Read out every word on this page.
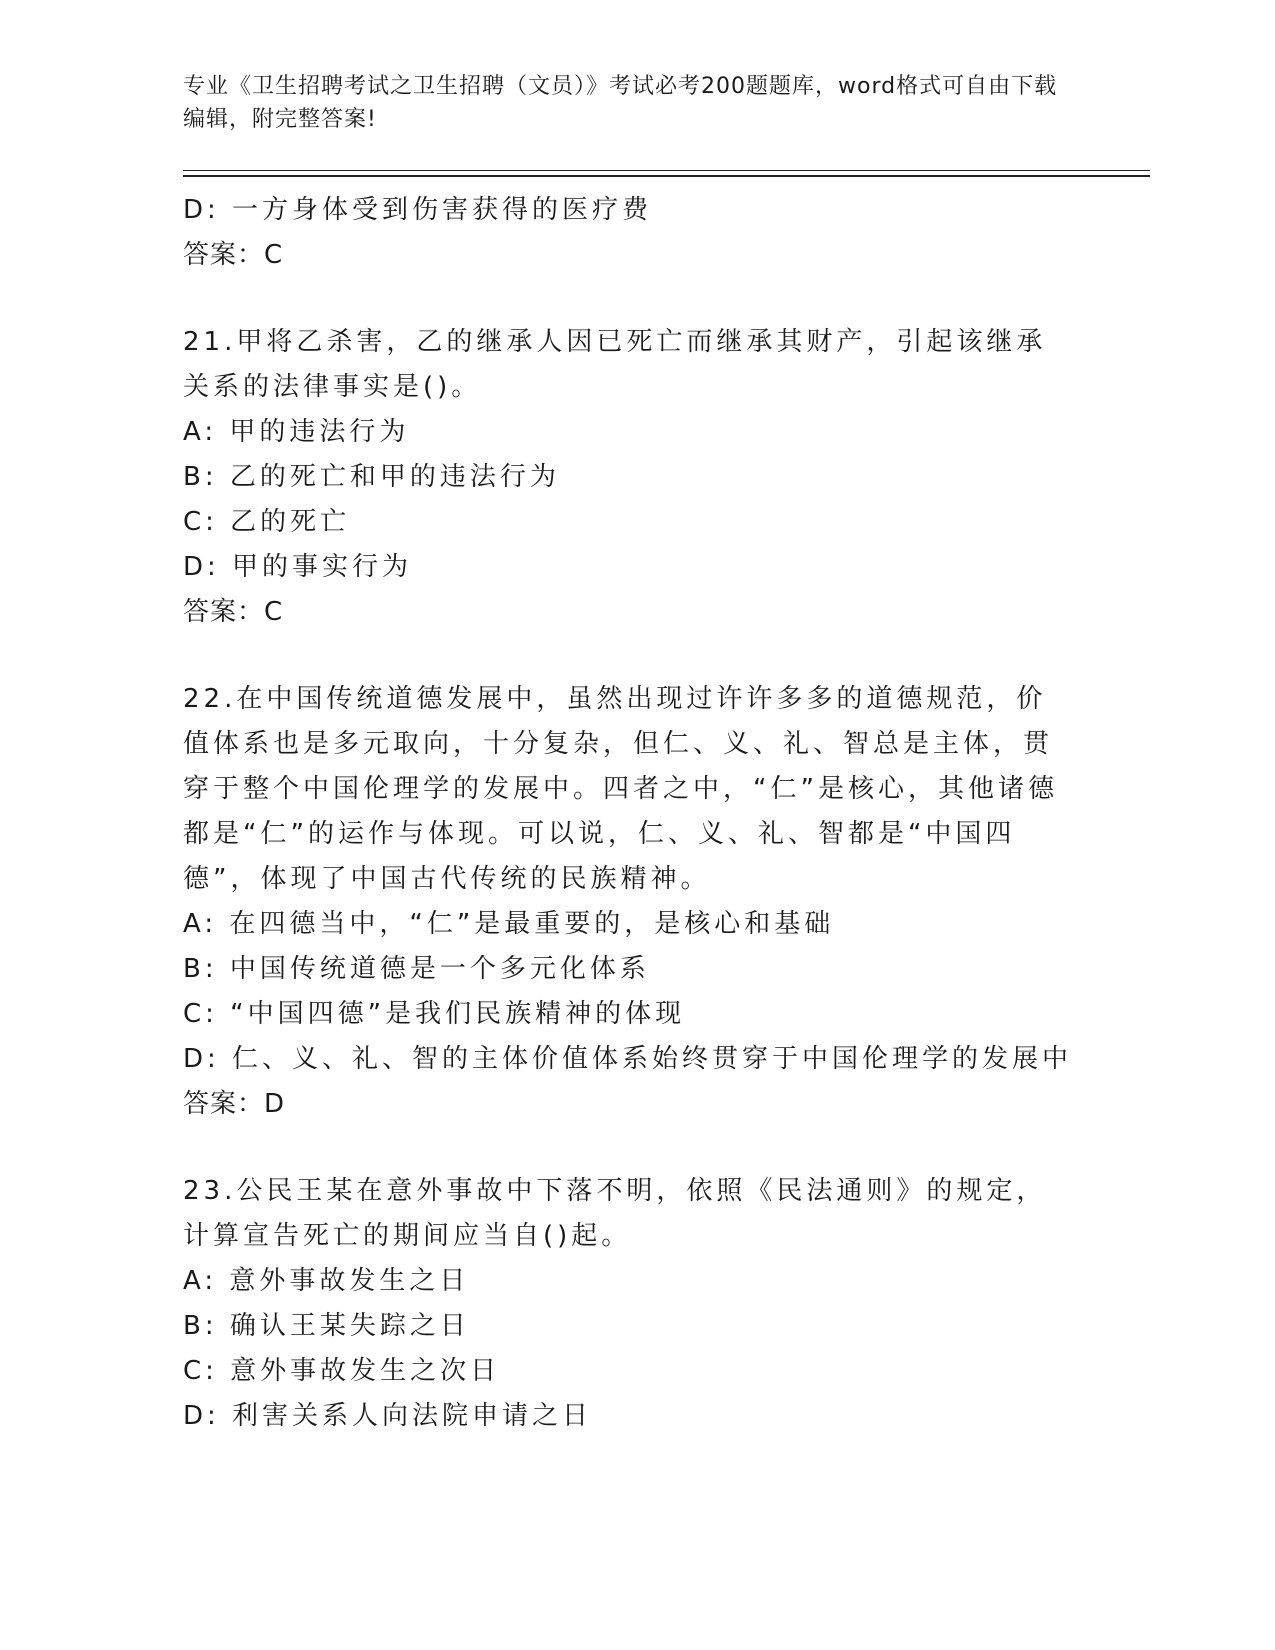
专业《卫生招聘考试之卫生招聘（文员）》考试必考200题题库，word格式可自由下载编辑，附完整答案!
D: 一方身体受到伤害获得的医疗费
答案：C
21.甲将乙杀害，乙的继承人因已死亡而继承其财产，引起该继承关系的法律事实是()。
A: 甲的违法行为
B: 乙的死亡和甲的违法行为
C: 乙的死亡
D: 甲的事实行为
答案：C
22.在中国传统道德发展中，虽然出现过许许多多的道德规范，价值体系也是多元取向，十分复杂，但仁、义、礼、智总是主体，贯穿于整个中国伦理学的发展中。四者之中，“仁”是核心，其他诸德都是“仁”的运作与体现。可以说，仁、义、礼、智都是“中国四德”，体现了中国古代传统的民族精神。
A: 在四德当中，“仁”是最重要的，是核心和基础
B: 中国传统道德是一个多元化体系
C: “中国四德”是我们民族精神的体现
D: 仁、义、礼、智的主体价值体系始终贯穿于中国伦理学的发展中
答案：D
23.公民王某在意外事故中下落不明，依照《民法通则》的规定，计算宣告死亡的期间应当自()起。
A: 意外事故发生之日
B: 确认王某失踪之日
C: 意外事故发生之次日
D: 利害关系人向法院申请之日
